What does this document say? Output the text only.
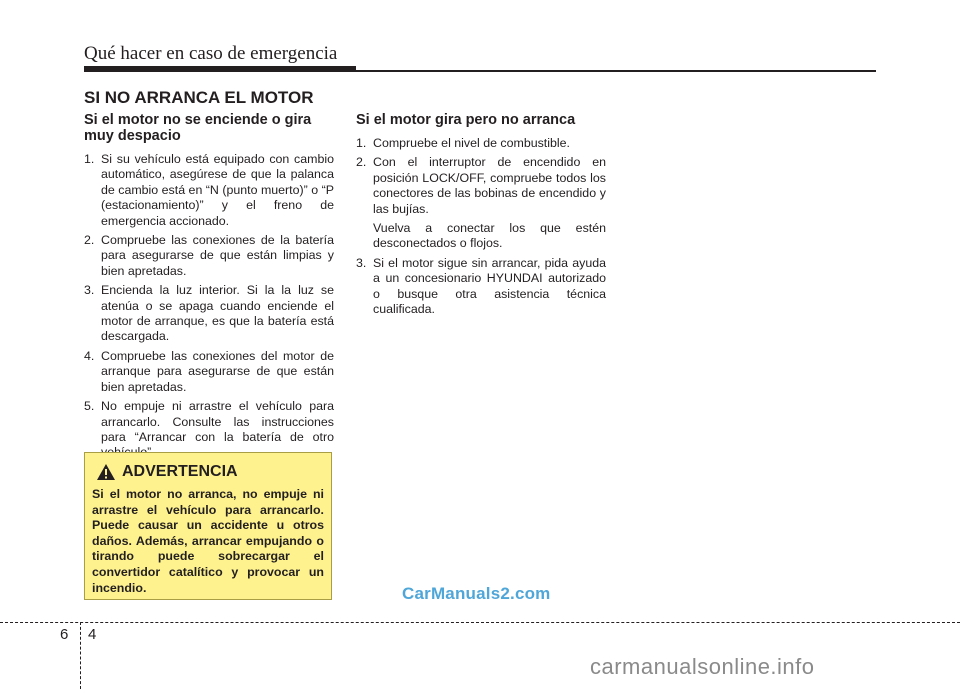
Qué hacer en caso de emergencia
SI NO ARRANCA EL MOTOR
Si el motor no se enciende o gira muy despacio
1. Si su vehículo está equipado con cambio automático, asegúrese de que la palanca de cambio está en “N (punto muerto)” o “P (estacionamiento)” y el freno de emergencia accionado.
2. Compruebe las conexiones de la batería para asegurarse de que están limpias y bien apretadas.
3. Encienda la luz interior. Si la la luz se atenúa o se apaga cuando enciende el motor de arranque, es que la batería está descargada.
4. Compruebe las conexiones del motor de arranque para asegurarse de que están bien apretadas.
5. No empuje ni arrastre el vehículo para arrancarlo. Consulte las instrucciones para “Arrancar con la batería de otro
ADVERTENCIA
Si el motor no arranca, no empuje ni arrastre el vehículo para arrancarlo. Puede causar un accidente u otros daños. Además, arrancar empujando o tirando puede sobrecargar el convertidor catalítico y provocar un incendio.
Si el motor gira pero no arranca
1. Compruebe el nivel de combustible.
2. Con el interruptor de encendido en posición LOCK/OFF, compruebe todos los conectores de las bobinas de encendido y las bujías.
Vuelva a conectar los que estén desconectados o flojos.
3. Si el motor sigue sin arrancar, pida ayuda a un concesionario HYUNDAI autorizado o busque otra asistencia técnica cualificada.
CarManuals2.com
6 4
carmanualsonline.info
